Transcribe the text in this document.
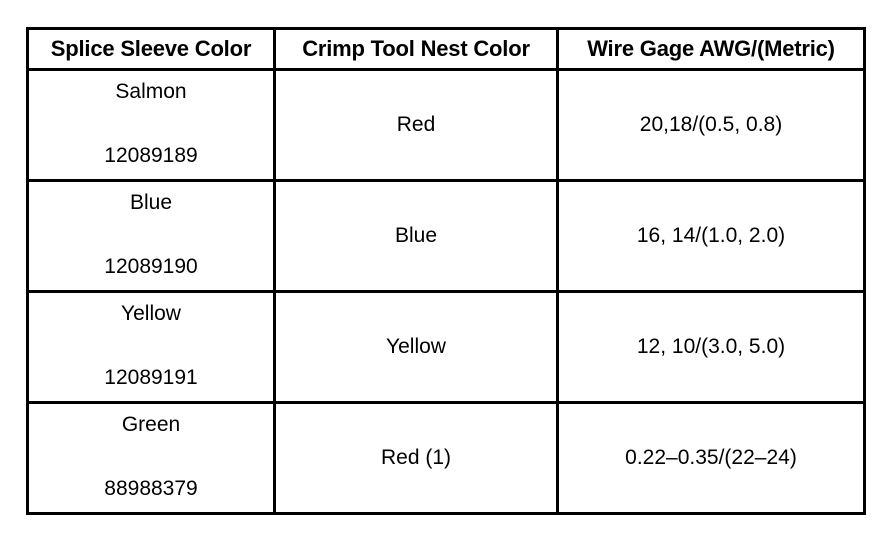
Splice Sleeve Color	Crimp Tool Nest Color	Wire Gage AWG/(Metric)

Salmon
12089189	Red	20,18/(0.5, 0.8)

Blue
12089190	Blue	16, 14/(1.0, 2.0)

Yellow
12089191	Yellow	12, 10/(3.0, 5.0)

Green
88988379	Red (1)	0.22–0.35/(22–24)
